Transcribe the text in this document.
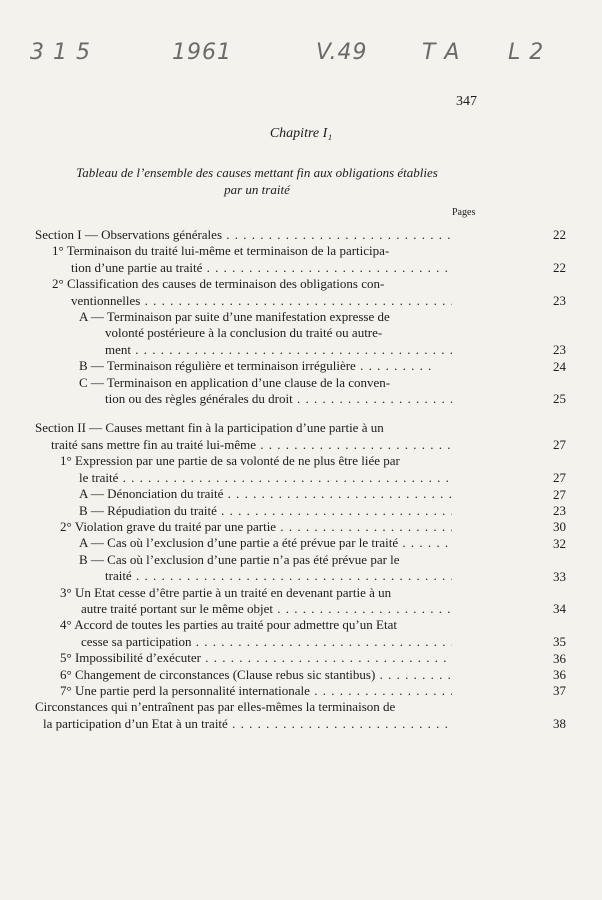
3 1 5	1961	V.49 T A L 2
347
Chapitre I₁
Tableau de l’ensemble des causes mettant fin aux obligations établies
par un traité
Pages
Section I — Observations générales . . .	22
1° Terminaison du traité lui-même et terminaison de la participa-
tion d’une partie au traité . . .	22
2° Classification des causes de terminaison des obligations con-
ventionnelles . . .	23
A — Terminaison par suite d’une manifestation expresse de
volonté postérieure à la conclusion du traité ou autre-
ment . . .	23
B — Terminaison régulière et terminaison irrégulière . . .	24
C — Terminaison en application d’une clause de la conven-
tion ou des règles générales du droit . . .	25
Section II — Causes mettant fin à la participation d’une partie à un
traité sans mettre fin au traité lui-même . . .	27
1° Expression par une partie de sa volonté de ne plus être liée par
le traité . . .	27
A — Dénonciation du traité . . .	27
B — Répudiation du traité . . .	23
2° Violation grave du traité par une partie . . .	30
A — Cas où l’exclusion d’une partie a été prévue par le traité . . .	32
B — Cas où l’exclusion d’une partie n’a pas été prévue par le
traité . . .	33
3° Un Etat cesse d’être partie à un traité en devenant partie à un
autre traité portant sur le même objet . . .	34
4° Accord de toutes les parties au traité pour admettre qu’un Etat
cesse sa participation . . .	35
5° Impossibilité d’exécuter . . .	36
6° Changement de circonstances (Clause rebus sic stantibus) . . .	36
7° Une partie perd la personnalité internationale . . .	37
Circonstances qui n’entraînent pas par elles-mêmes la terminaison de
la participation d’un Etat à un traité . . .	38
